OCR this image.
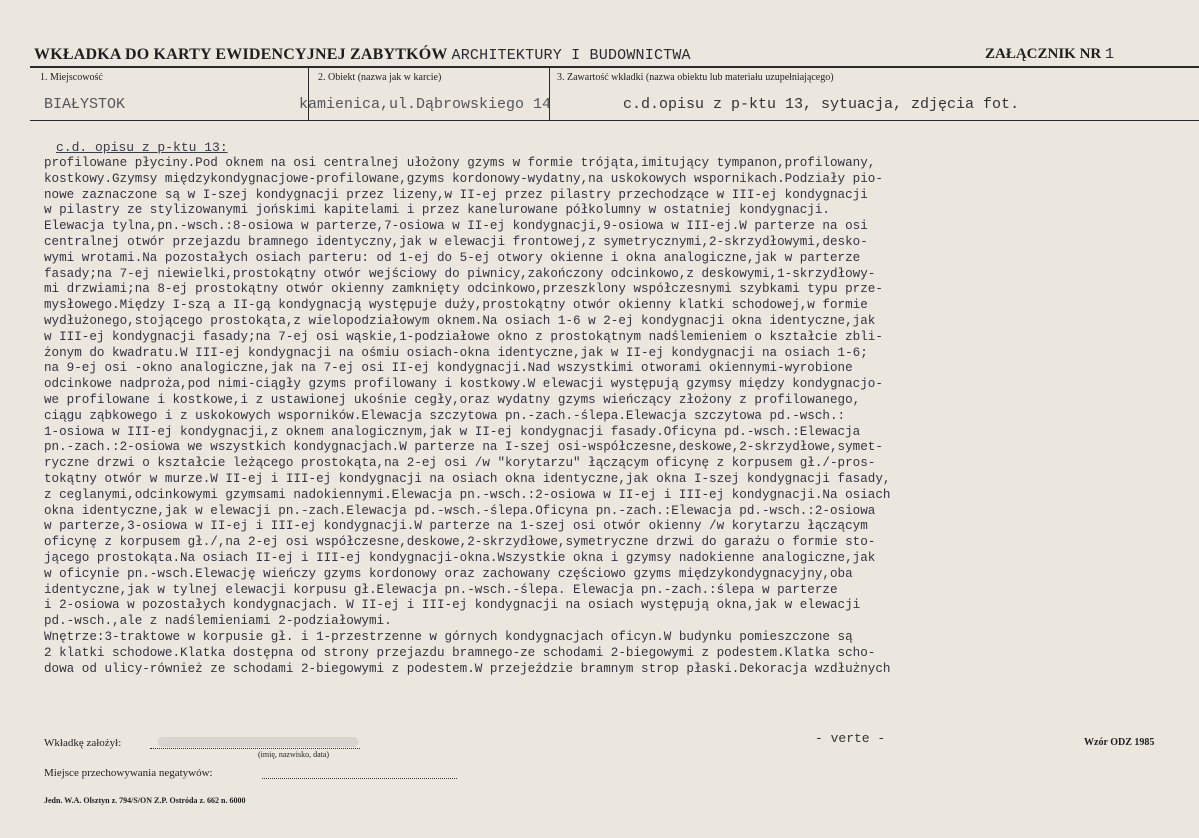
WKŁADKA DO KARTY EWIDENCYJNEJ ZABYTKÓW ARCHITEKTURY I BUDOWNICTWA	ZAŁĄCZNIK NR 1
1. Miejscowość	2. Obiekt (nazwa jak w karcie)	3. Zawartość wkładki (nazwa obiektu lub materiału uzupełniającego)
BIAŁYSTOK	kamienica,ul.Dąbrowskiego 14	c.d.opisu z p-ktu 13, sytuacja, zdjęcia fot.
c.d. opisu z p-ktu 13:
profilowane płyciny.Pod oknem na osi centralnej ułożony gzyms w formie trójąta,imitujący tympanon,profilowany,
kostkowy.Gzymsy międzykondygnacjowe-profilowane,gzyms kordonowy-wydatny,na uskokowych wspornikach.Podziały pio-
nowe zaznaczone są w I-szej kondygnacji przez lizeny,w II-ej przez pilastry przechodzące w III-ej kondygnacji
w pilastry ze stylizowanymi jońskimi kapitelami i przez kanelurowane półkolumny w ostatniej kondygnacji.
Elewacja tylna,pn.-wsch.:8-osiowa w parterze,7-osiowa w II-ej kondygnacji,9-osiowa w III-ej.W parterze na osi
centralnej otwór przejazdu bramnego identyczny,jak w elewacji frontowej,z symetrycznymi,2-skrzydłowymi,desko-
wymi wrotami.Na pozostałych osiach parteru: od 1-ej do 5-ej otwory okienne i okna analogiczne,jak w parterze
fasady;na 7-ej niewielki,prostokątny otwór wejściowy do piwnicy,zakończony odcinkowo,z deskowymi,1-skrzydłowy-
mi drzwiami;na 8-ej prostokątny otwór okienny zamknięty odcinkowo,przeszklony współczesnymi szybkami typu prze-
mysłowego.Między I-szą a II-gą kondygnacją występuje duży,prostokątny otwór okienny klatki schodowej,w formie
wydłużonego,stojącego prostokąta,z wielopodziałowym oknem.Na osiach 1-6 w 2-ej kondygnacji okna identyczne,jak
w III-ej kondygnacji fasady;na 7-ej osi wąskie,1-podziałowe okno z prostokątnym nadślemieniem o kształcie zbli-
żonym do kwadratu.W III-ej kondygnacji na ośmiu osiach-okna identyczne,jak w II-ej kondygnacji na osiach 1-6;
na 9-ej osi -okno analogiczne,jak na 7-ej osi II-ej kondygnacji.Nad wszystkimi otworami okiennymi-wyrobione
odcinkowe nadproża,pod nimi-ciągły gzyms profilowany i kostkowy.W elewacji występują gzymsy między kondygnacjo-
we profilowane i kostkowe,i z ustawionej ukośnie cegły,oraz wydatny gzyms wieńczący złożony z profilowanego,
ciągu ząbkowego i z uskokowych wsporników.Elewacja szczytowa pn.-zach.-ślepa.Elewacja szczytowa pd.-wsch.:
1-osiowa w III-ej kondygnacji,z oknem analogicznym,jak w II-ej kondygnacji fasady.Oficyna pd.-wsch.:Elewacja
pn.-zach.:2-osiowa we wszystkich kondygnacjach.W parterze na I-szej osi-współczesne,deskowe,2-skrzydłowe,symet-
ryczne drzwi o kształcie leżącego prostokąta,na 2-ej osi /w "korytarzu" łączącym oficynę z korpusem gł./-pros-
tokątny otwór w murze.W II-ej i III-ej kondygnacji na osiach okna identyczne,jak okna I-szej kondygnacji fasady,
z ceglanymi,odcinkowymi gzymsami nadokiennymi.Elewacja pn.-wsch.:2-osiowa w II-ej i III-ej kondygnacji.Na osiach
okna identyczne,jak w elewacji pn.-zach.Elewacja pd.-wsch.-ślepa.Oficyna pn.-zach.:Elewacja pd.-wsch.:2-osiowa
w parterze,3-osiowa w II-ej i III-ej kondygnacji.W parterze na 1-szej osi otwór okienny /w korytarzu łączącym
oficynę z korpusem gł./,na 2-ej osi współczesne,deskowe,2-skrzydłowe,symetryczne drzwi do garażu o formie sto-
jącego prostokąta.Na osiach II-ej i III-ej kondygnacji-okna.Wszystkie okna i gzymsy nadokienne analogiczne,jak
w oficynie pn.-wsch.Elewację wieńczy gzyms kordonowy oraz zachowany częściowo gzyms międzykondygnacyjny,oba
identyczne,jak w tylnej elewacji korpusu gł.Elewacja pn.-wsch.-ślepa. Elewacja pn.-zach.:ślepa w parterze
i 2-osiowa w pozostałych kondygnacjach. W II-ej i III-ej kondygnacji na osiach występują okna,jak w elewacji
pd.-wsch.,ale z nadślemieniami 2-podziałowymi.
Wnętrze:3-traktowe w korpusie gł. i 1-przestrzenne w górnych kondygnacjach oficyn.W budynku pomieszczone są
2 klatki schodowe.Klatka dostępna od strony przejazdu bramnego-ze schodami 2-biegowymi z podestem.Klatka scho-
dowa od ulicy-również ze schodami 2-biegowymi z podestem.W przejeździe bramnym strop płaski.Dekoracja wzdłużnych
Wkładkę założył:
(imię, nazwisko, data)
- verte -	Wzór ODZ 1985
Miejsce przechowywania negatywów:
Jedn. W.A. Olsztyn z. 794/S/ON Z.P. Ostróda z. 662 n. 6000
